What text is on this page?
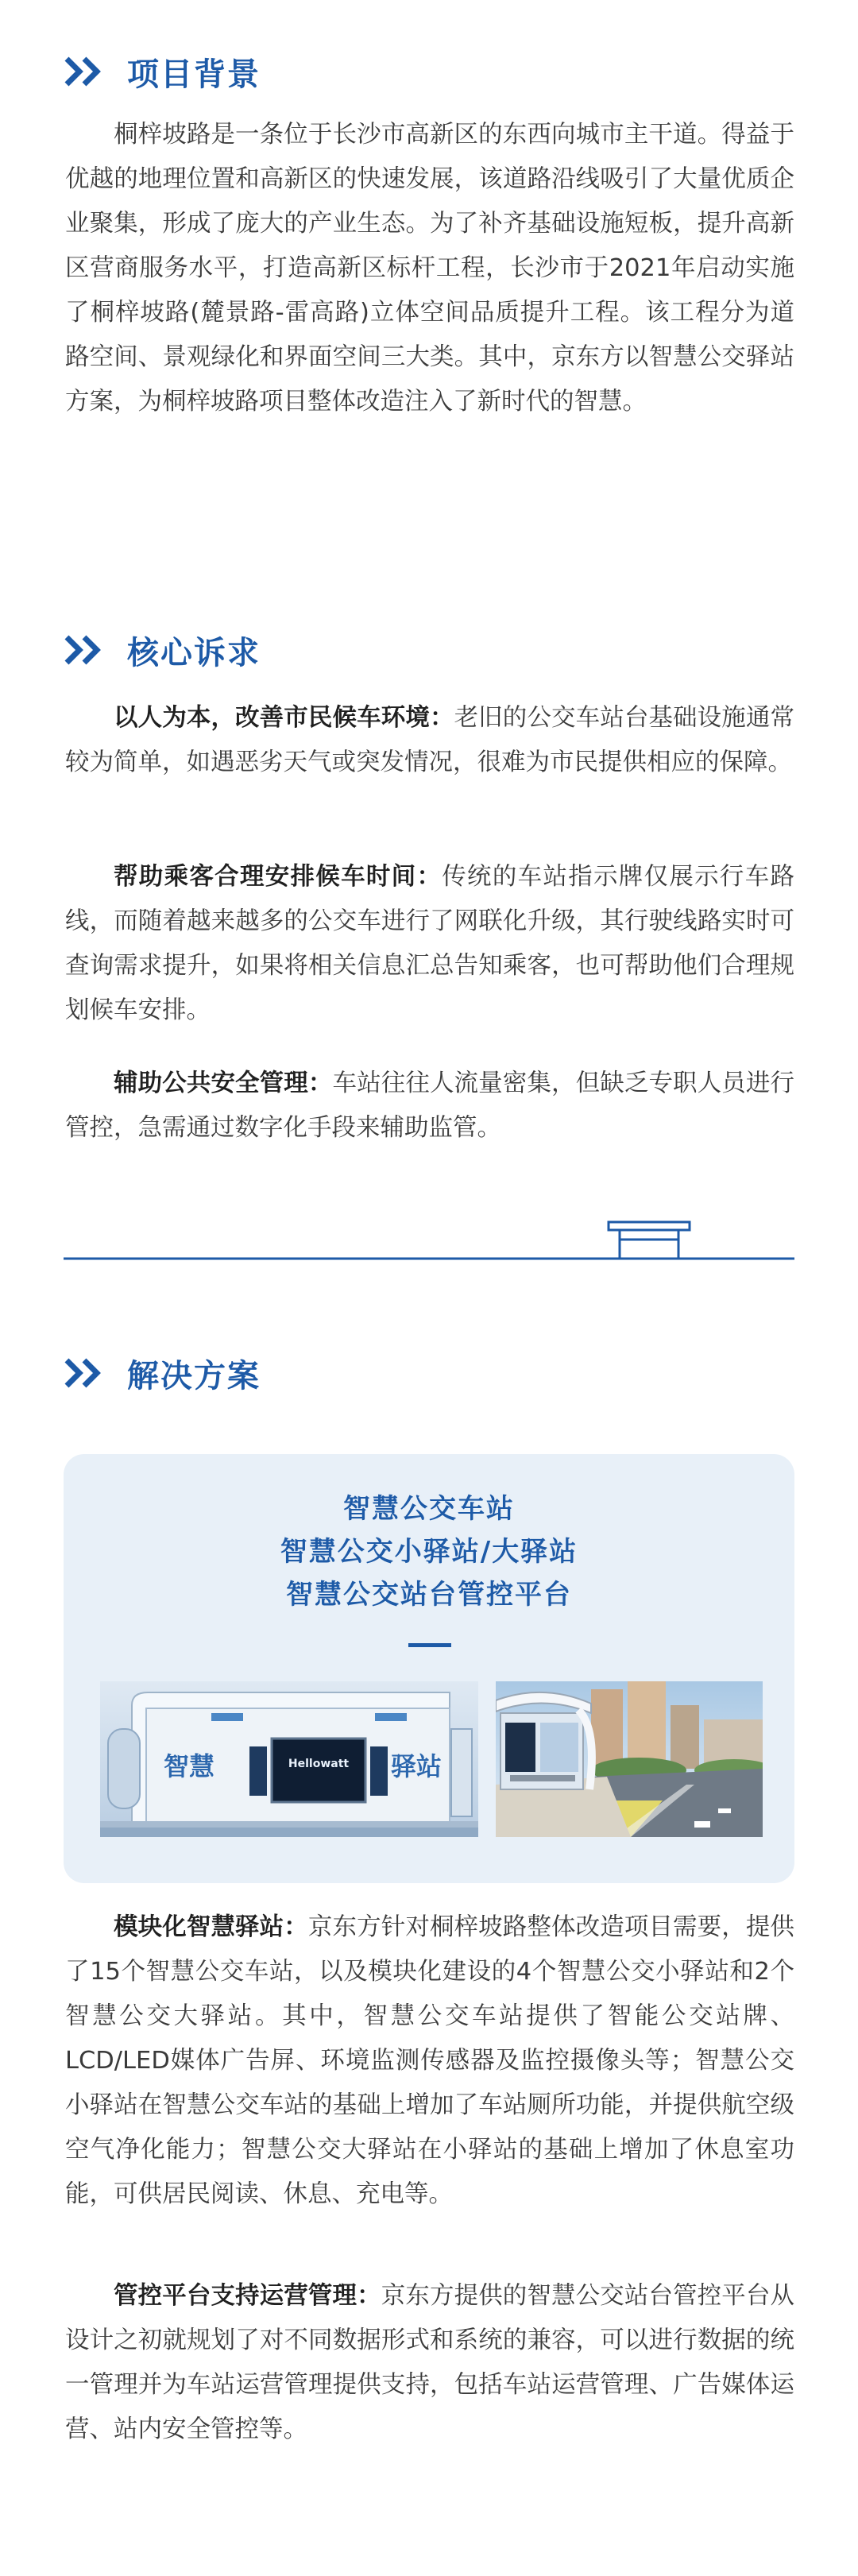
项目背景

桐梓坡路是一条位于长沙市高新区的东西向城市主干道。得益于优越的地理位置和高新区的快速发展，该道路沿线吸引了大量优质企业聚集，形成了庞大的产业生态。为了补齐基础设施短板，提升高新区营商服务水平，打造高新区标杆工程，长沙市于2021年启动实施了桐梓坡路(麓景路-雷高路)立体空间品质提升工程。该工程分为道路空间、景观绿化和界面空间三大类。其中，京东方以智慧公交驿站方案，为桐梓坡路项目整体改造注入了新时代的智慧。

核心诉求

以人为本，改善市民候车环境：老旧的公交车站台基础设施通常较为简单，如遇恶劣天气或突发情况，很难为市民提供相应的保障。

帮助乘客合理安排候车时间：传统的车站指示牌仅展示行车路线，而随着越来越多的公交车进行了网联化升级，其行驶线路实时可查询需求提升，如果将相关信息汇总告知乘客，也可帮助他们合理规划候车安排。

辅助公共安全管理：车站往往人流量密集，但缺乏专职人员进行管控，急需通过数字化手段来辅助监管。

解决方案
智慧公交车站
智慧公交小驿站/大驿站
智慧公交站台管控平台
Hellowatt
智慧	驿站

模块化智慧驿站：京东方针对桐梓坡路整体改造项目需要，提供了15个智慧公交车站，以及模块化建设的4个智慧公交小驿站和2个智慧公交大驿站。其中，智慧公交车站提供了智能公交站牌、LCD/LED媒体广告屏、环境监测传感器及监控摄像头等；智慧公交小驿站在智慧公交车站的基础上增加了车站厕所功能，并提供航空级空气净化能力；智慧公交大驿站在小驿站的基础上增加了休息室功能，可供居民阅读、休息、充电等。

管控平台支持运营管理：京东方提供的智慧公交站台管控平台从设计之初就规划了对不同数据形式和系统的兼容，可以进行数据的统一管理并为车站运营管理提供支持，包括车站运营管理、广告媒体运营、站内安全管控等。
